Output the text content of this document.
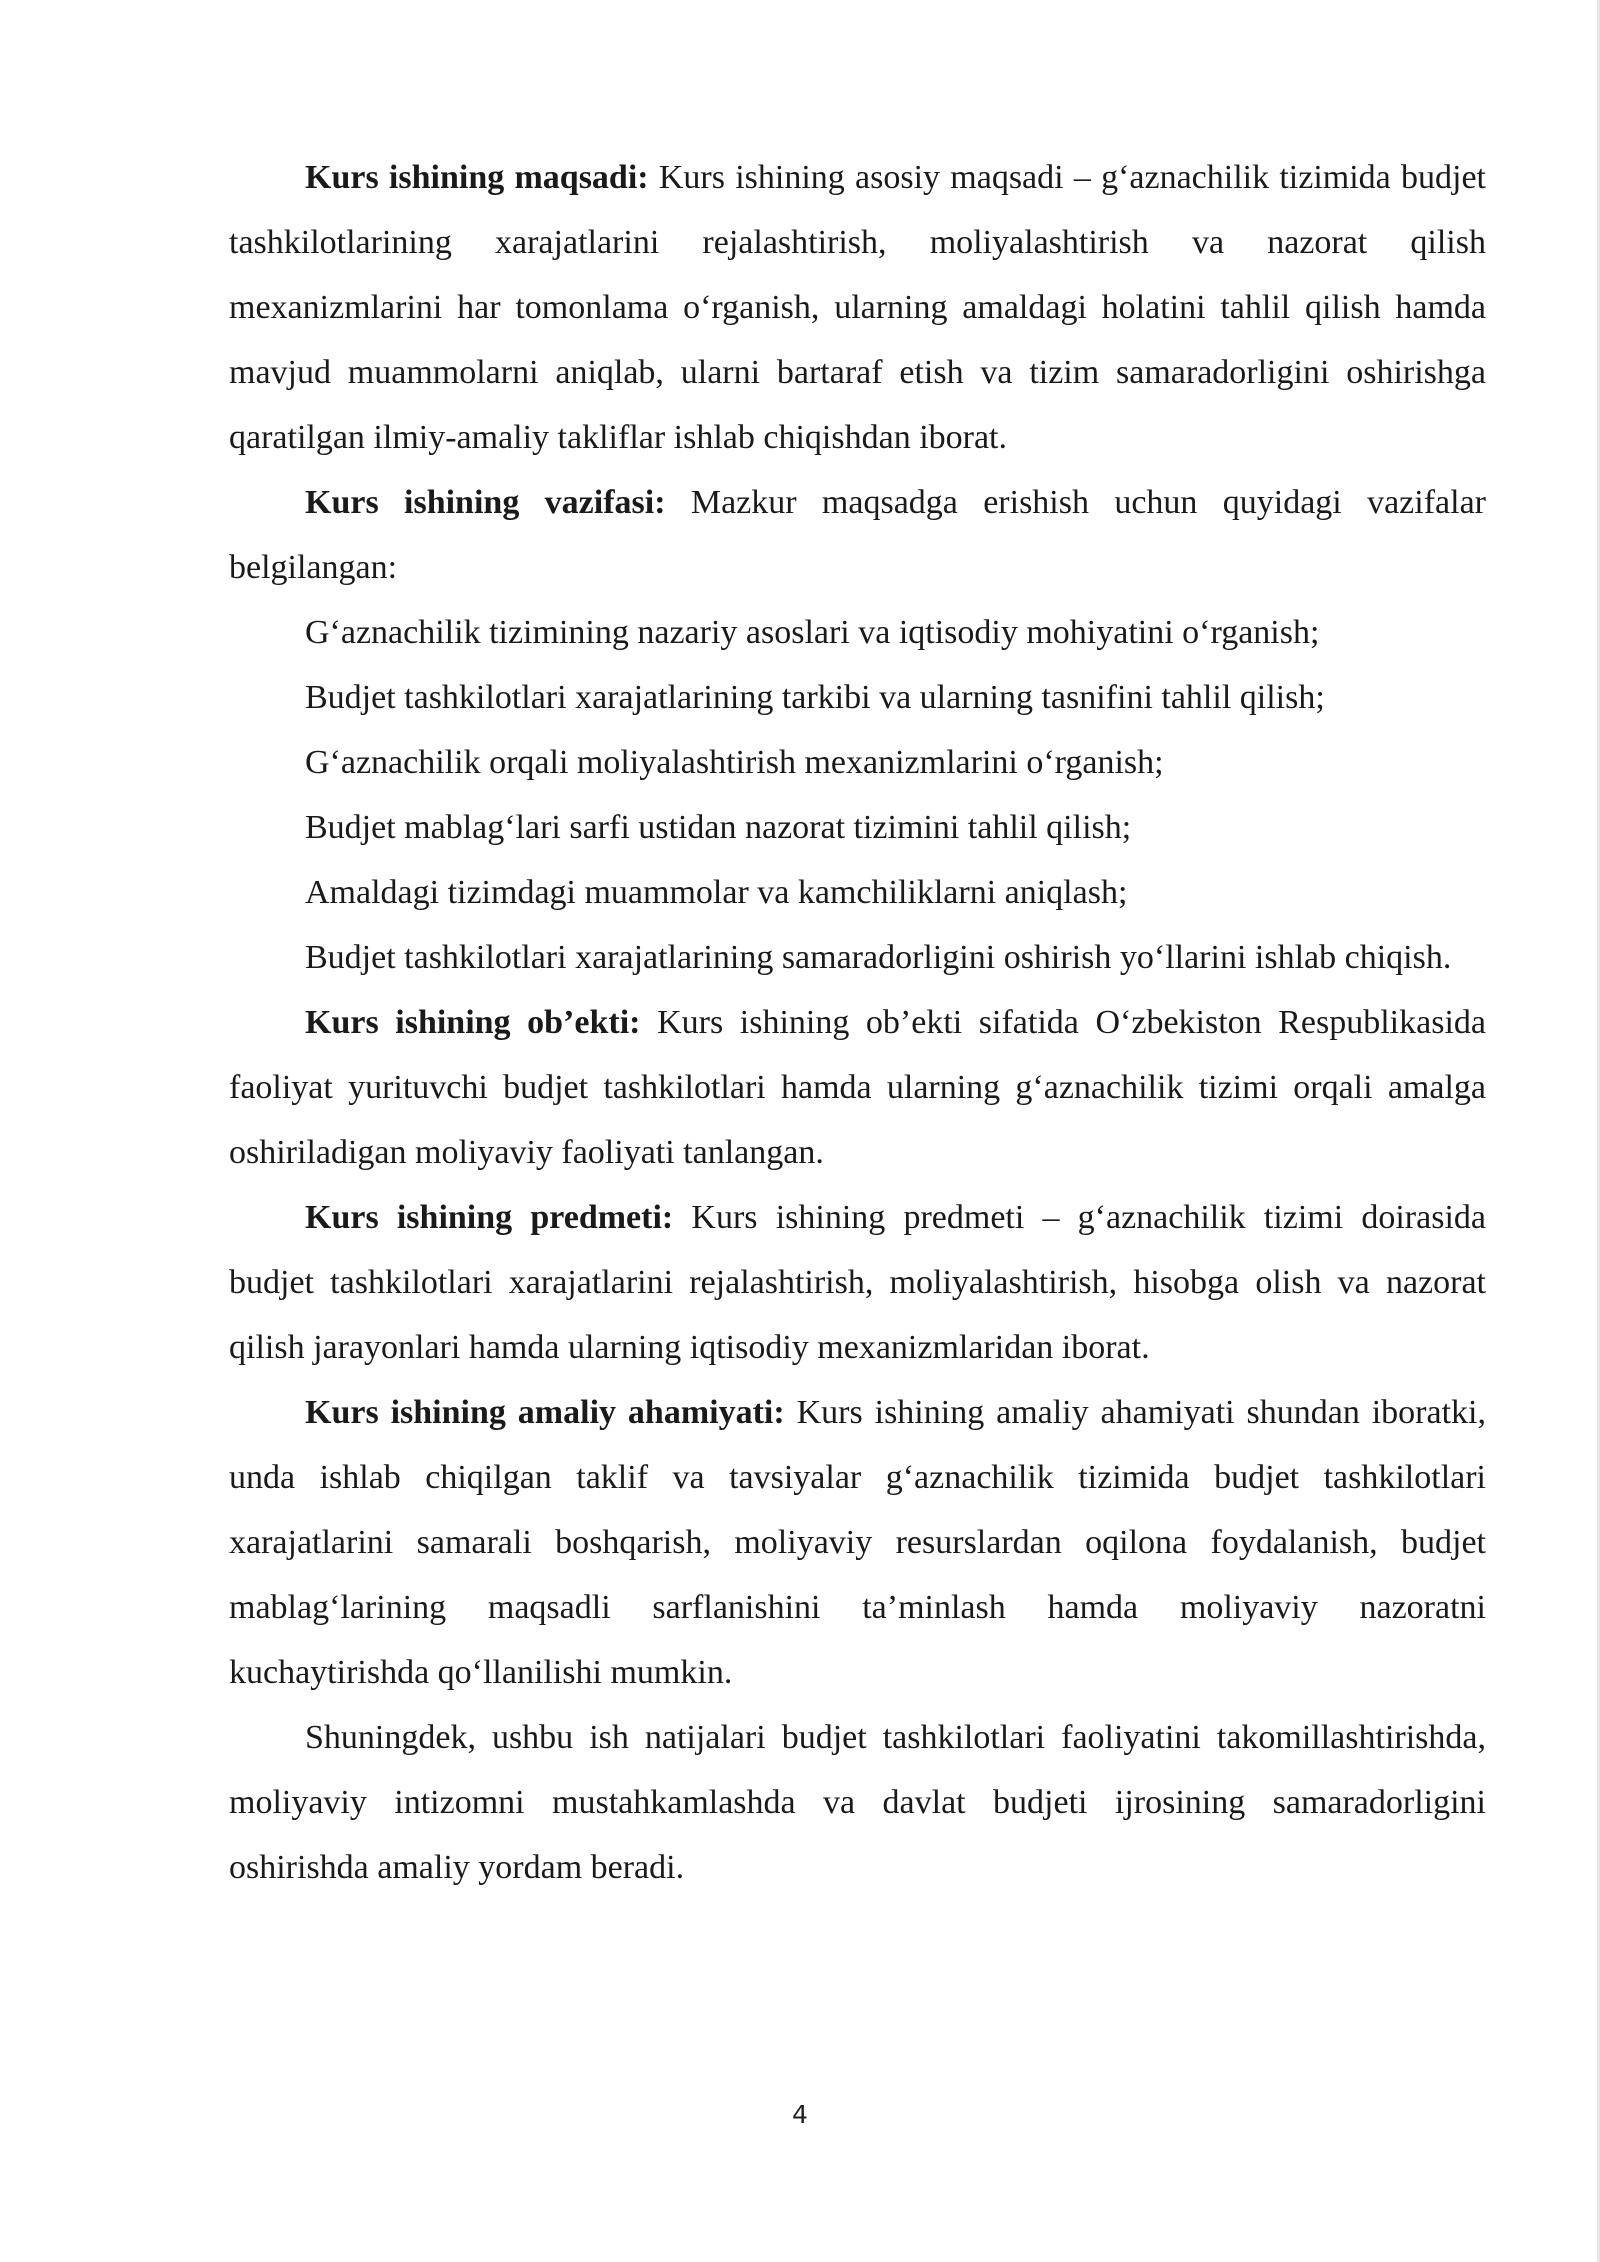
Kurs ishining maqsadi: Kurs ishining asosiy maqsadi – g‘aznachilik tizimida budjet tashkilotlarining xarajatlarini rejalashtirish, moliyalashtirish va nazorat qilish mexanizmlarini har tomonlama o‘rganish, ularning amaldagi holatini tahlil qilish hamda mavjud muammolarni aniqlab, ularni bartaraf etish va tizim samaradorligini oshirishga qaratilgan ilmiy-amaliy takliflar ishlab chiqishdan iborat.

Kurs ishining vazifasi: Mazkur maqsadga erishish uchun quyidagi vazifalar belgilangan:

G‘aznachilik tizimining nazariy asoslari va iqtisodiy mohiyatini o‘rganish;

Budjet tashkilotlari xarajatlarining tarkibi va ularning tasnifini tahlil qilish;

G‘aznachilik orqali moliyalashtirish mexanizmlarini o‘rganish;

Budjet mablag‘lari sarfi ustidan nazorat tizimini tahlil qilish;

Amaldagi tizimdagi muammolar va kamchiliklarni aniqlash;

Budjet tashkilotlari xarajatlarining samaradorligini oshirish yo‘llarini ishlab chiqish.

Kurs ishining ob’ekti: Kurs ishining ob’ekti sifatida O‘zbekiston Respublikasida faoliyat yurituvchi budjet tashkilotlari hamda ularning g‘aznachilik tizimi orqali amalga oshiriladigan moliyaviy faoliyati tanlangan.

Kurs ishining predmeti: Kurs ishining predmeti – g‘aznachilik tizimi doirasida budjet tashkilotlari xarajatlarini rejalashtirish, moliyalashtirish, hisobga olish va nazorat qilish jarayonlari hamda ularning iqtisodiy mexanizmlaridan iborat.

Kurs ishining amaliy ahamiyati: Kurs ishining amaliy ahamiyati shundan iboratki, unda ishlab chiqilgan taklif va tavsiyalar g‘aznachilik tizimida budjet tashkilotlari xarajatlarini samarali boshqarish, moliyaviy resurslardan oqilona foydalanish, budjet mablag‘larining maqsadli sarflanishini ta’minlash hamda moliyaviy nazoratni kuchaytirishda qo‘llanilishi mumkin.

Shuningdek, ushbu ish natijalari budjet tashkilotlari faoliyatini takomillashtirishda, moliyaviy intizomni mustahkamlashda va davlat budjeti ijrosining samaradorligini oshirishda amaliy yordam beradi.

4
